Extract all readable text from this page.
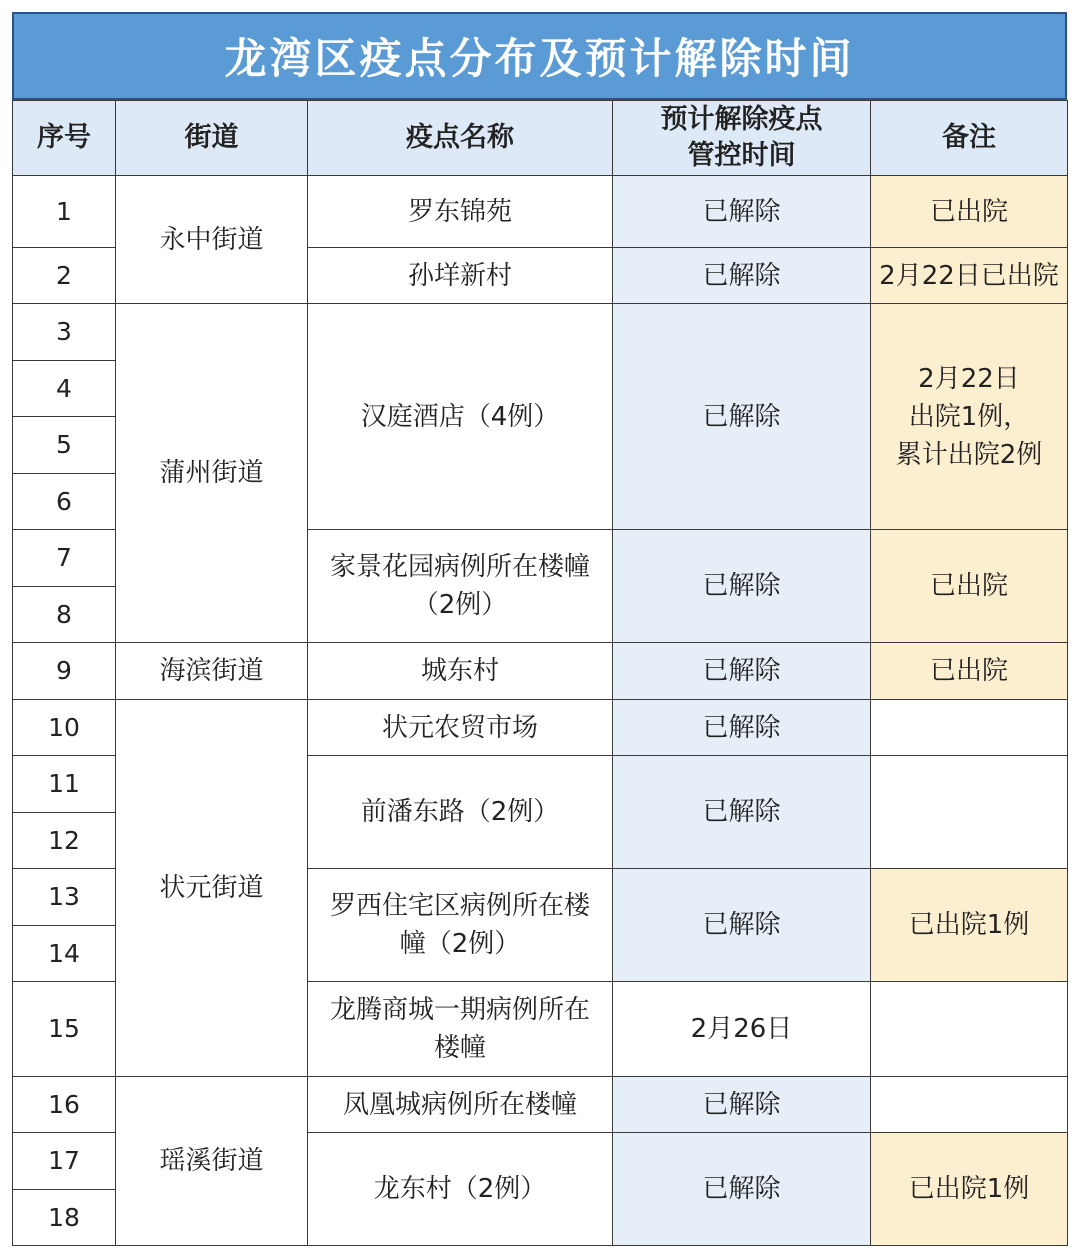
龙湾区疫点分布及预计解除时间
序号	街道	疫点名称	预计解除疫点
管控时间	备注
1	永中街道	罗东锦苑	已解除	已出院
2		孙垟新村	已解除	2月22日已出院
3	蒲州街道	汉庭酒店（4例）	已解除	2月22日
出院1例，
累计出院2例
4				
5				
6				
7		家景花园病例所在楼幢
（2例）	已解除	已出院
8				
9	海滨街道	城东村	已解除	已出院
10	状元街道	状元农贸市场	已解除	
11		前潘东路（2例）	已解除	
12				
13		罗西住宅区病例所在楼
幢（2例）	已解除	已出院1例
14				
15		龙腾商城一期病例所在
楼幢	2月26日	
16	瑶溪街道	凤凰城病例所在楼幢	已解除	
17		龙东村（2例）	已解除	已出院1例
18				
